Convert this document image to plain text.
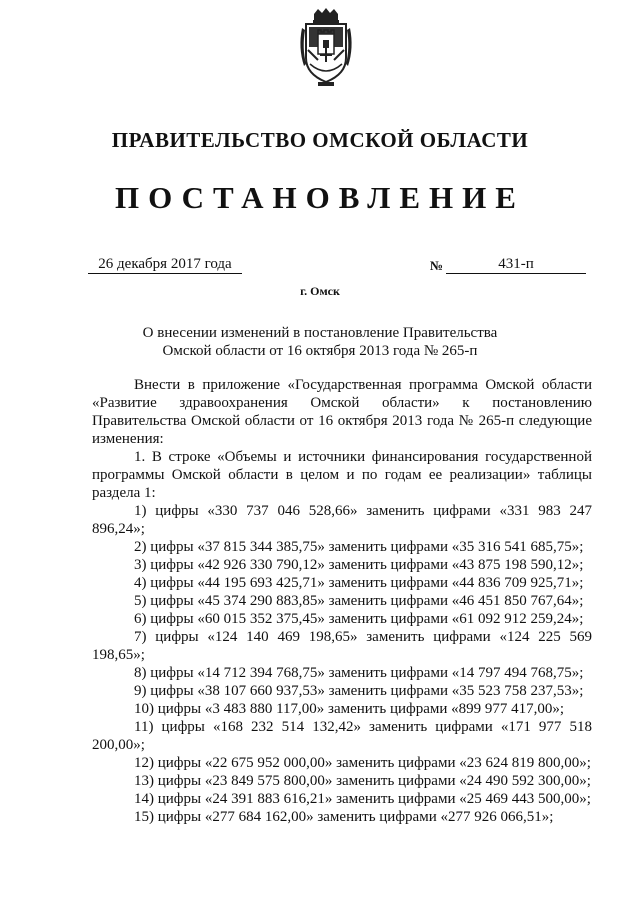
ПРАВИТЕЛЬСТВО ОМСКОЙ ОБЛАСТИ
ПОСТАНОВЛЕНИЕ
26 декабря 2017 года	№	431-п
г. Омск
О внесении изменений в постановление Правительства
Омской области от 16 октября 2013 года № 265-п

Внести в приложение «Государственная программа Омской области «Развитие здравоохранения Омской области» к постановлению Правительства Омской области от 16 октября 2013 года № 265-п следующие изменения:

1. В строке «Объемы и источники финансирования государственной программы Омской области в целом и по годам ее реализации» таблицы раздела 1:

1) цифры «330 737 046 528,66» заменить цифрами «331 983 247 896,24»;

2) цифры «37 815 344 385,75» заменить цифрами «35 316 541 685,75»;

3) цифры «42 926 330 790,12» заменить цифрами «43 875 198 590,12»;

4) цифры «44 195 693 425,71» заменить цифрами «44 836 709 925,71»;

5) цифры «45 374 290 883,85» заменить цифрами «46 451 850 767,64»;

6) цифры «60 015 352 375,45» заменить цифрами «61 092 912 259,24»;

7) цифры «124 140 469 198,65» заменить цифрами «124 225 569 198,65»;

8) цифры «14 712 394 768,75» заменить цифрами «14 797 494 768,75»;

9) цифры «38 107 660 937,53» заменить цифрами «35 523 758 237,53»;

10) цифры «3 483 880 117,00» заменить цифрами «899 977 417,00»;

11) цифры «168 232 514 132,42» заменить цифрами «171 977 518 200,00»;

12) цифры «22 675 952 000,00» заменить цифрами «23 624 819 800,00»;

13) цифры «23 849 575 800,00» заменить цифрами «24 490 592 300,00»;

14) цифры «24 391 883 616,21» заменить цифрами «25 469 443 500,00»;

15) цифры «277 684 162,00» заменить цифрами «277 926 066,51»;
